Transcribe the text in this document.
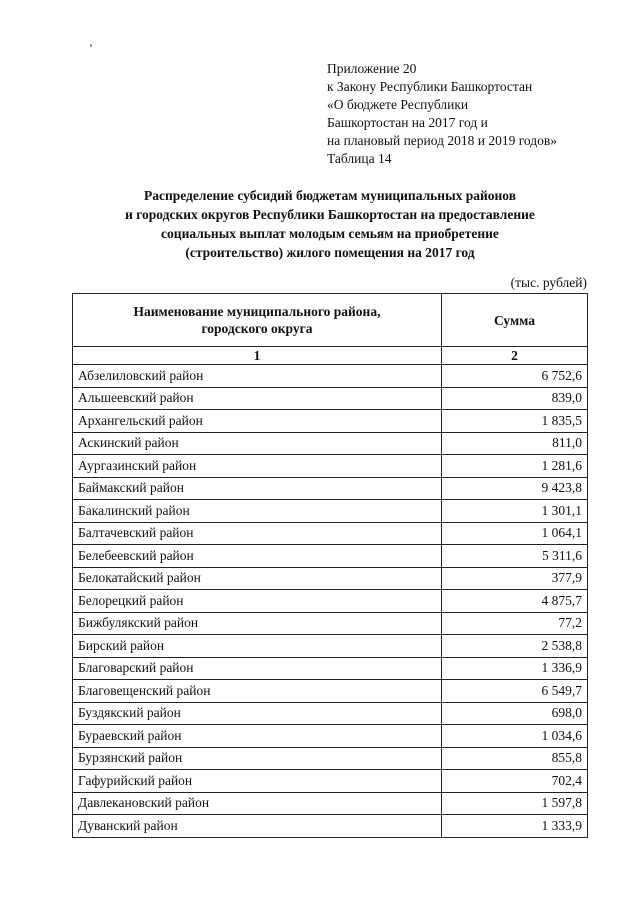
Приложение 20
к Закону Республики Башкортостан
«О бюджете Республики
Башкортостан на 2017 год и
на плановый период 2018 и 2019 годов»
Таблица 14
Распределение субсидий бюджетам муниципальных районов
и городских округов Республики Башкортостан на предоставление
социальных выплат молодым семьям на приобретение
(строительство) жилого помещения на 2017 год
(тыс. рублей)
Наименование муниципального района,
городского округа	Сумма
1	2
Абзелиловский район	6 752,6
Альшеевский район	839,0
Архангельский район	1 835,5
Аскинский район	811,0
Аургазинский район	1 281,6
Баймакский район	9 423,8
Бакалинский район	1 301,1
Балтачевский район	1 064,1
Белебеевский район	5 311,6
Белокатайский район	377,9
Белорецкий район	4 875,7
Бижбулякский район	77,2
Бирский район	2 538,8
Благоварский район	1 336,9
Благовещенский район	6 549,7
Буздякский район	698,0
Бураевский район	1 034,6
Бурзянский район	855,8
Гафурийский район	702,4
Давлекановский район	1 597,8
Дуванский район	1 333,9
